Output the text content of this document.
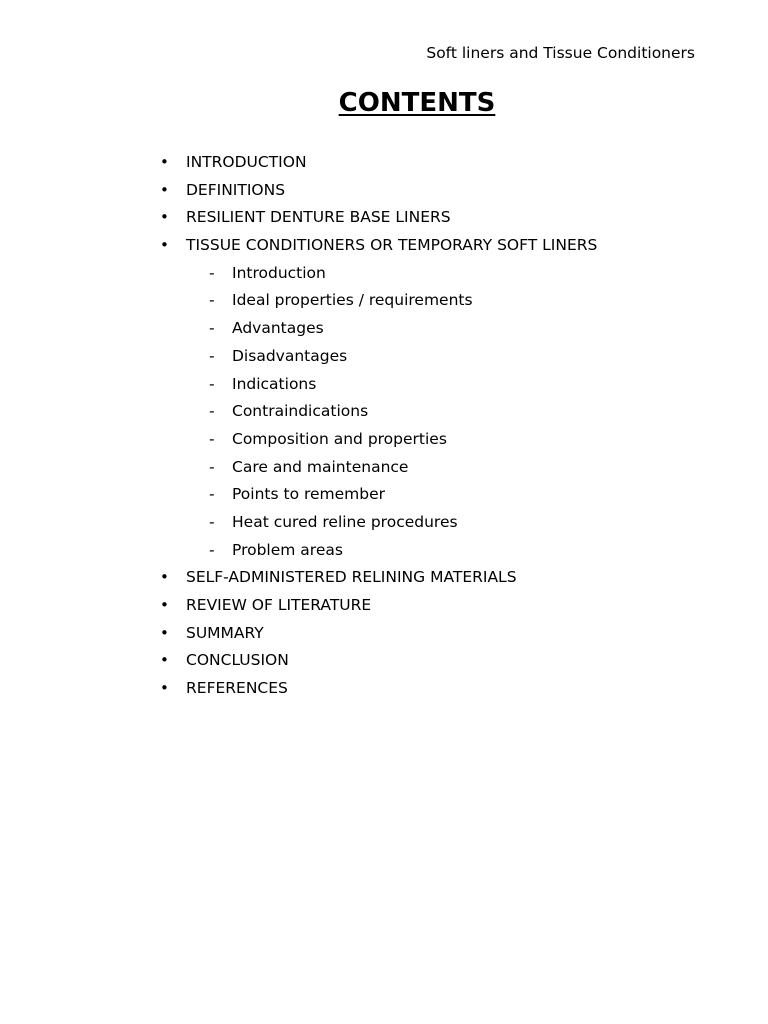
Soft liners and Tissue Conditioners
CONTENTS
• INTRODUCTION
• DEFINITIONS
• RESILIENT DENTURE BASE LINERS
• TISSUE CONDITIONERS OR TEMPORARY SOFT LINERS
- Introduction
- Ideal properties / requirements
- Advantages
- Disadvantages
- Indications
- Contraindications
- Composition and properties
- Care and maintenance
- Points to remember
- Heat cured reline procedures
- Problem areas
• SELF-ADMINISTERED RELINING MATERIALS
• REVIEW OF LITERATURE
• SUMMARY
• CONCLUSION
• REFERENCES
